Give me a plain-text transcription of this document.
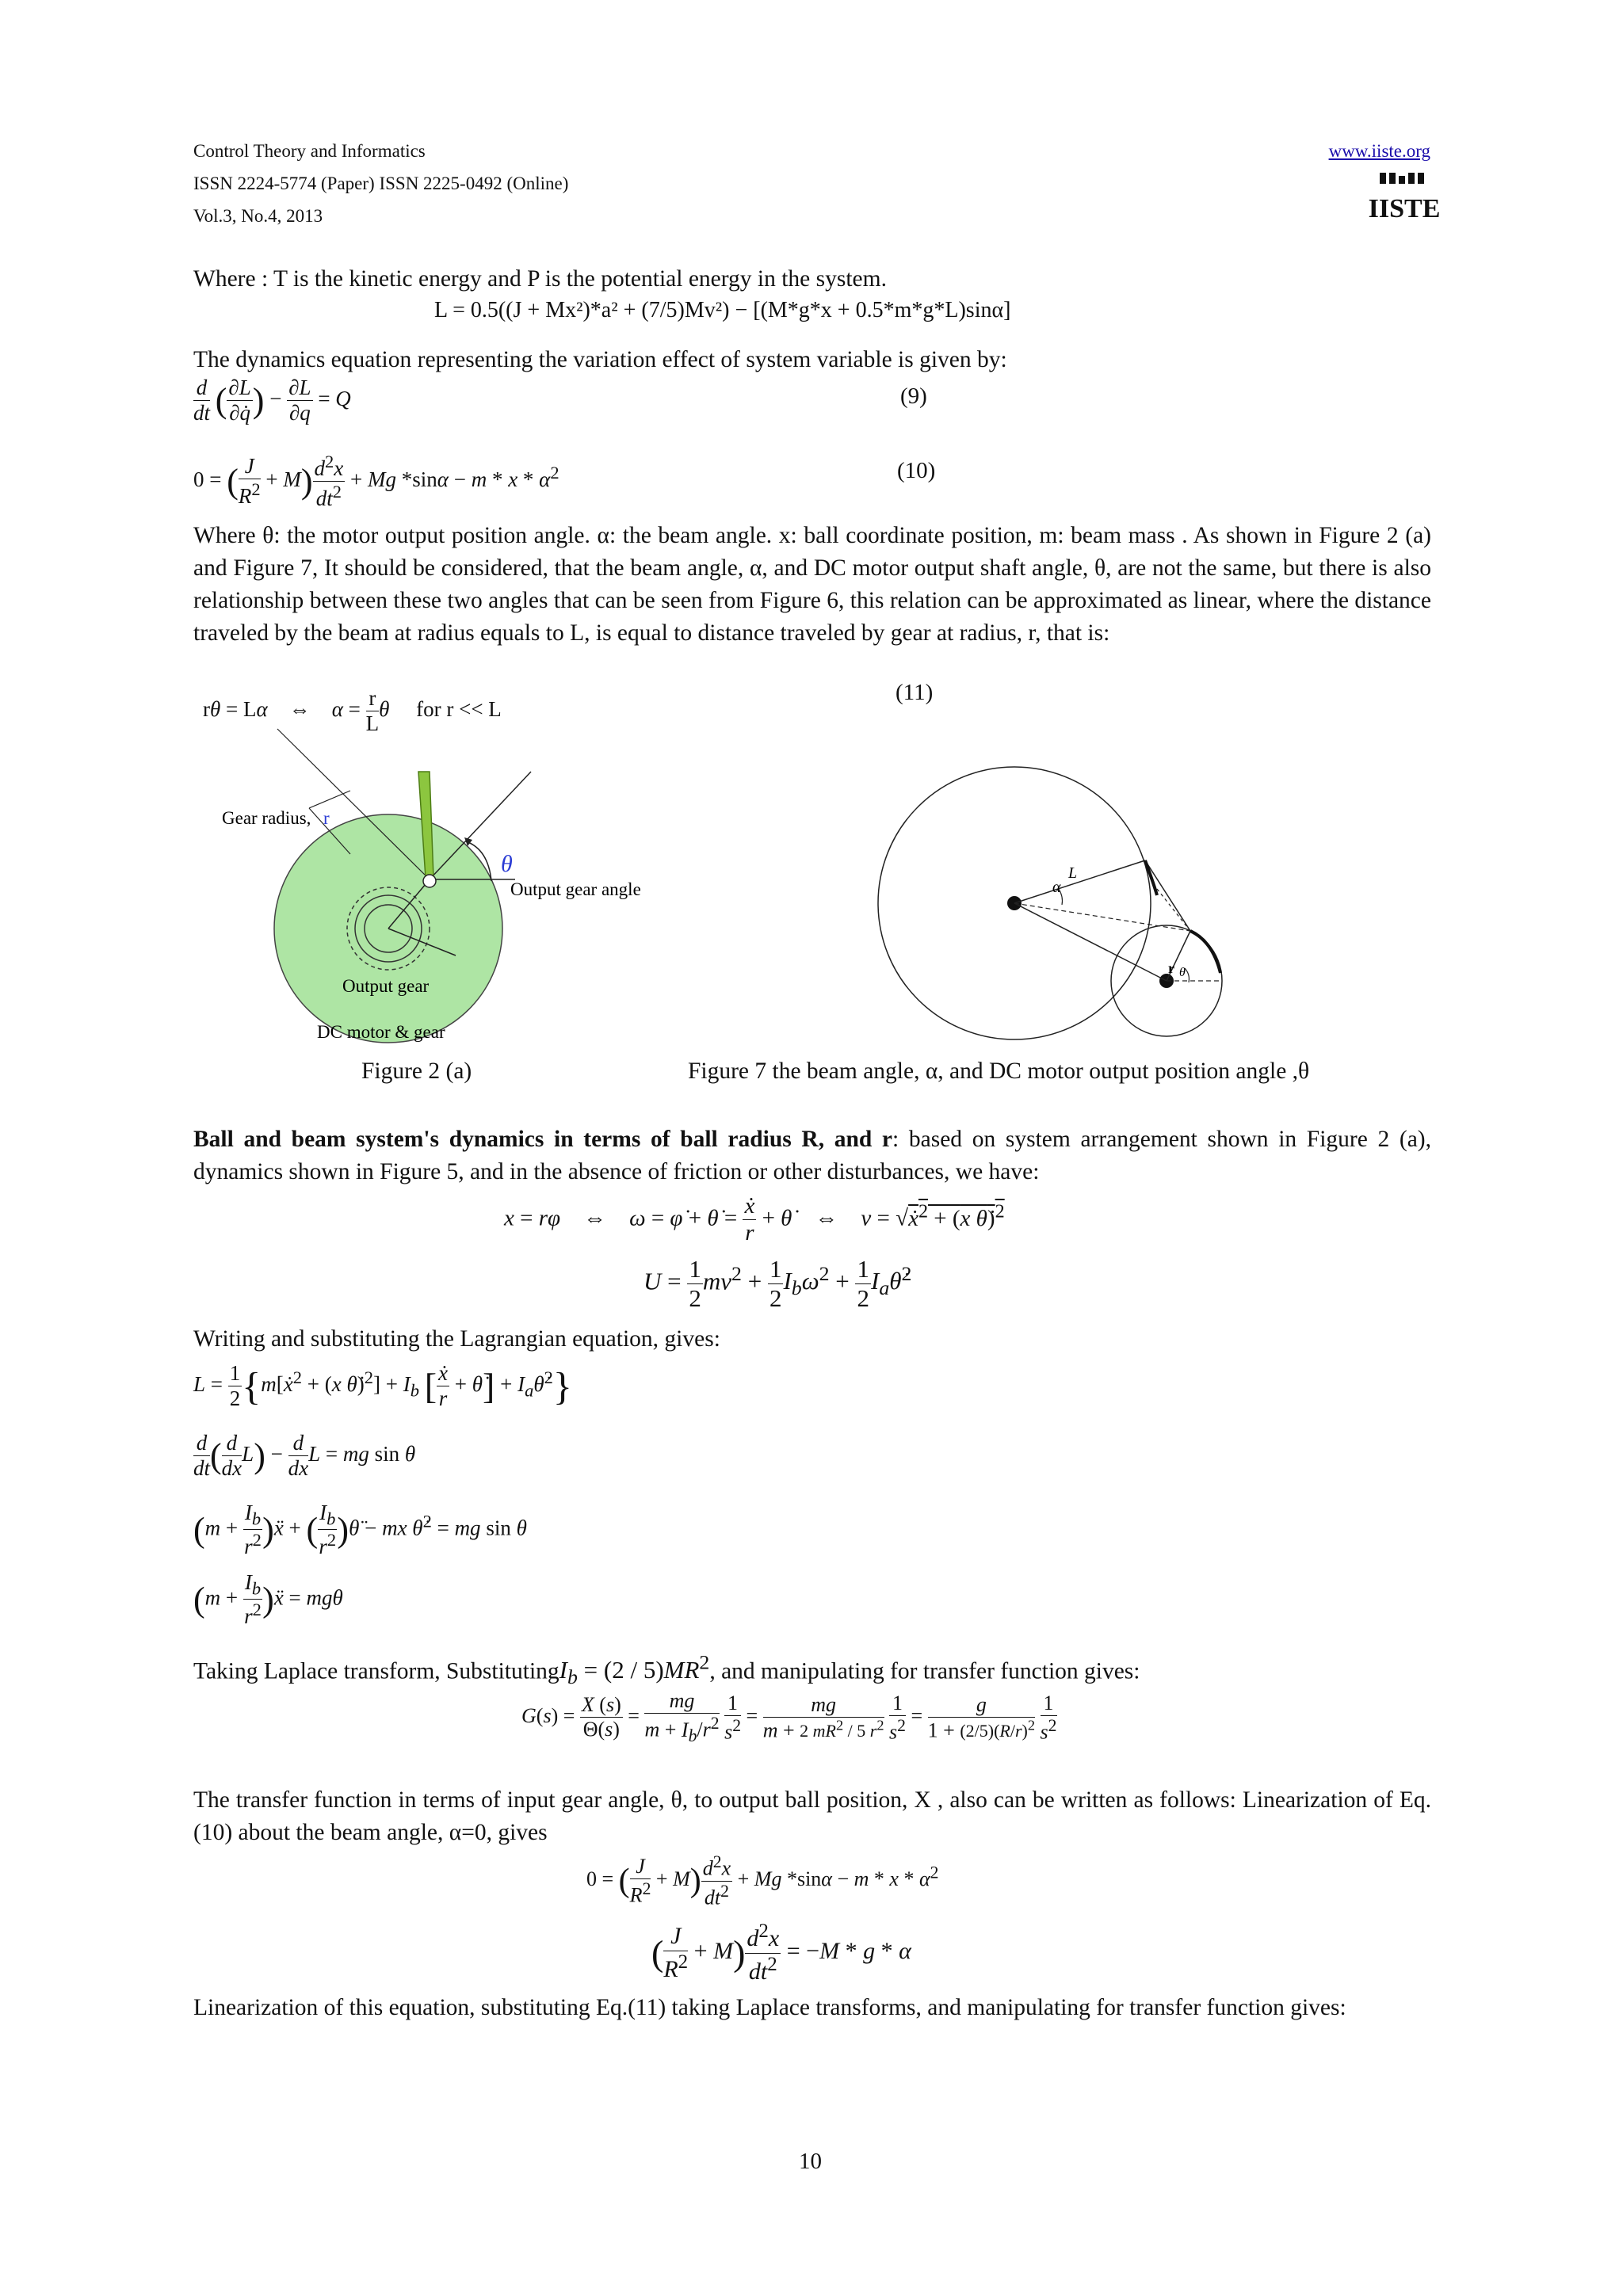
Control Theory and Informatics
ISSN 2224-5774 (Paper) ISSN 2225-0492 (Online)
Vol.3, No.4, 2013
www.iiste.org
IISTE
Where : T is the kinetic energy and P is the potential energy in the system.
L = 0.5((J + Mx²)*a² + (7/5)Mv²) − [(M*g*x + 0.5*m*g*L)sinα]
The dynamics equation representing the variation effect of system variable is given by:
$\frac{d}{dt}$ ( $\frac{\partial L}{\partial q̇}$ ) − $\frac{\partial L}{\partial q} = Q$	(9)
0 = ( $\frac{J}{R^2} + M) \frac{d^2x}{dt^2} + Mg$ $*\sin\alpha - m * x * \alpha^2$	(10)
Where θ: the motor output position angle. α: the beam angle. x: ball coordinate position, m: beam mass . As shown in Figure 2 (a) and Figure 7, It should be considered, that the beam angle, α, and DC motor output shaft angle, θ, are not the same, but there is also relationship between these two angles that can be seen from Figure 6, this relation can be approximated as linear, where the distance traveled by the beam at radius equals to L, is equal to distance traveled by gear at radius, r, that is:
rθ = Lα    ⇔    $\alpha = \frac{r}{L}$ θ     for r << L
(11)
Gear radius, r
θ
Output gear angle
Output gear
DC motor & gear
Figure 2 (a)
L
α
r θ
Figure 7 the beam angle, α, and DC motor output position angle ,θ
Ball and beam system's dynamics in terms of ball radius R, and r: based on system arrangement shown in Figure 2 (a), dynamics shown in Figure 5, and in the absence of friction or other disturbances, we have:
x = rφ    ⇔    ω = φ̇ + θ̇ = $\frac{\text{ẋ}}{r}$ + θ̇    ⇔    v = √ẋ$^2$ + (x θ̇)$^2$
$U = \frac{1}{2} mv^2 + \frac{1}{2} I_b\omega^2 + \frac{1}{2}$ $I_a\thetȧ^2$
Writing and substituting the Lagrangian equation, gives:
$L = \frac{1}{2}$ {m[ẋ$^2$ + (x θ̇)$^2$] + $I_b$ [ $\frac{\text{ẋ}}{r}$ + θ̇] + $I_a\thetȧ^2$}
$\frac{d}{dt}$ ( $\frac{d}{dx} L) - \frac{d}{dx}$ L = mg sin θ
($m + \frac{I_b}{r^2}$ )ẍ + ( $\frac{I_b}{r^2}$ )θ̈ − mx θ̇$^2$ = mg sin θ
($m + \frac{I_b}{r^2}$ )ẍ = mgθ
Taking Laplace transform, SubstitutingI$_b$ = $(2 / 5)MR^2$, and manipulating for transfer function gives:
$G(s) = \frac{X (s)}{\Theta(s)} = \frac{mg}{m + I_b/r^2}$
$\frac{1}{s^2} = \frac{mg}{m + 2 mR^2 / 5 r^2}$
$\frac{1}{s^2} = \frac{g}{1 + (2/5)(R/r)^2}$
$\frac{1}{s^2}$
The transfer function in terms of input gear angle, θ, to output ball position, X , also can be written as follows: Linearization of Eq.(10) about the beam angle, α=0, gives
0 = ( $\frac{J}{R^2} + M) \frac{d^2x}{dt^2} + Mg$ $*\sin\alpha - m * x * \alpha^2$
( $\frac{J}{R^2} + M) \frac{d^2x}{dt^2} = -M * g * \alpha$
Linearization of this equation, substituting Eq.(11) taking Laplace transforms, and manipulating for transfer function gives:
10
